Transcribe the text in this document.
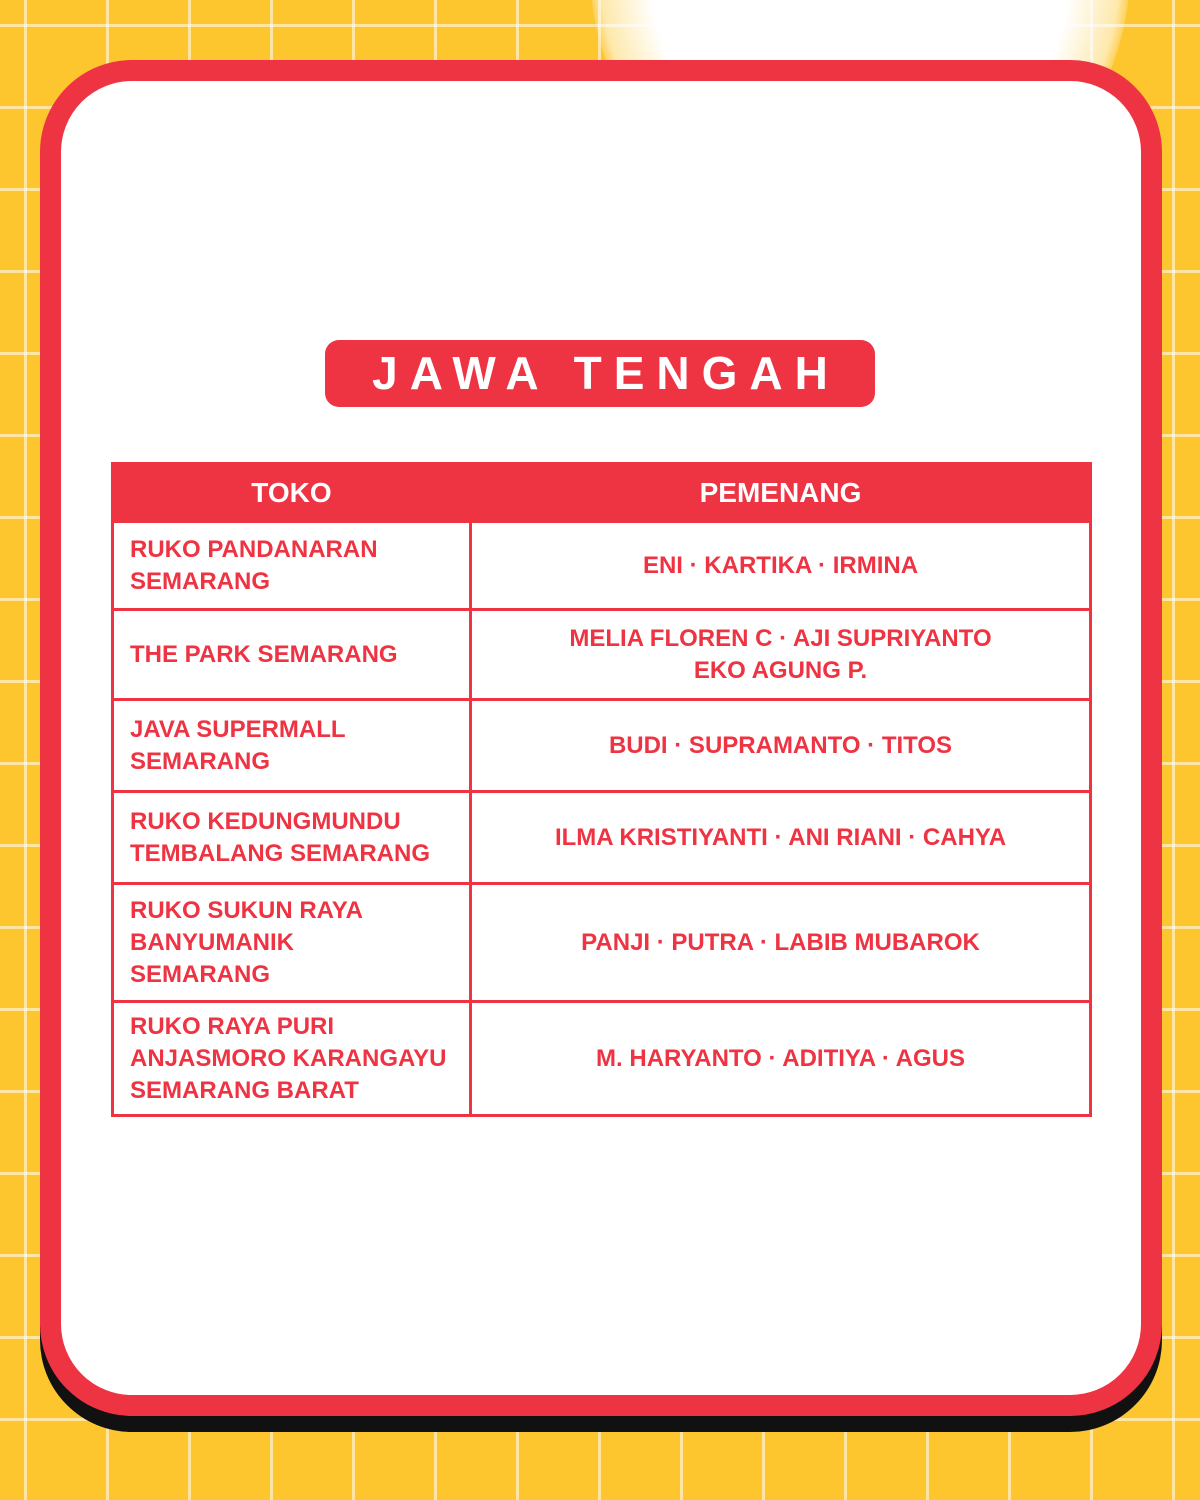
JAWA TENGAH
TOKO	PEMENANG

RUKO PANDANARAN
SEMARANG	ENI · KARTIKA · IRMINA

THE PARK SEMARANG	MELIA FLOREN C · AJI SUPRIYANTO
EKO AGUNG P.

JAVA SUPERMALL
SEMARANG	BUDI · SUPRAMANTO · TITOS

RUKO KEDUNGMUNDU
TEMBALANG SEMARANG	ILMA KRISTIYANTI · ANI RIANI · CAHYA

RUKO SUKUN RAYA
BANYUMANIK
SEMARANG	PANJI · PUTRA · LABIB MUBAROK

RUKO RAYA PURI
ANJASMORO KARANGAYU
SEMARANG BARAT	M. HARYANTO · ADITIYA · AGUS
